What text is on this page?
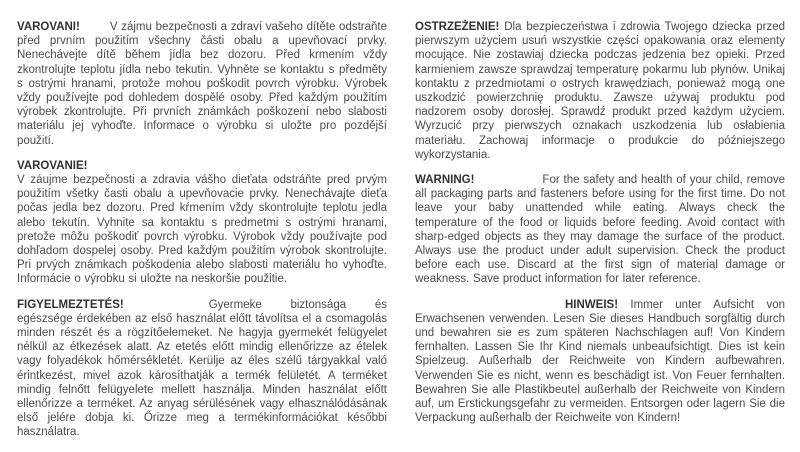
VAROVANI!	V zájmu bezpečnosti a zdraví vašeho dítěte odstraňte před prvním použitím všechny části obalu a upevňovací prvky. Nenechávejte dítě během jídla bez dozoru. Před krmením vždy zkontrolujte teplotu jídla nebo tekutin. Vyhněte se kontaktu s předměty s ostrými hranami, protože mohou poškodit povrch výrobku. Výrobek vždy používejte pod dohledem dospělé osoby. Před každým použitím výrobek zkontrolujte. Při prvních známkách poškození nebo slabosti materiálu jej vyhoďte. Informace o výrobku si uložte pro pozdější použití.

VAROVANIE!
V záujme bezpečnosti a zdravia vášho dieťata odstráňte pred prvým použitím všetky časti obalu a upevňovacie prvky. Nenechávajte dieťa počas jedla bez dozoru. Pred kŕmením vždy skontrolujte teplotu jedla alebo tekutín. Vyhnite sa kontaktu s predmetmi s ostrými hranami, pretože môžu poškodiť povrch výrobku. Výrobok vždy používajte pod dohľadom dospelej osoby. Pred každým použitím výrobok skontrolujte. Pri prvých známkach poškodenia alebo slabosti materiálu ho vyhoďte. Informácie o výrobku si uložte na neskoršie použitie.

FIGYELMEZTETÉS!	Gyermeke biztonsága és egészsége érdekében az első használat előtt távolítsa el a csomagolás minden részét és a rögzítőelemeket. Ne hagyja gyermekét felügyelet nélkül az étkezések alatt. Az etetés előtt mindig ellenőrizze az ételek vagy folyadékok hőmérsékletét. Kerülje az éles szélű tárgyakkal való érintkezést, mivel azok károsíthatják a termék felületét. A terméket mindig felnőtt felügyelete mellett használja. Minden használat előtt ellenőrizze a terméket. Az anyag sérülésének vagy elhasználódásának első jelére dobja ki. Őrizze meg a termékinformációkat későbbi használatra.

OSTRZEŻENIE! Dla bezpieczeństwa i zdrowia Twojego dziecka przed pierwszym użyciem usuń wszystkie części opakowania oraz elementy mocujące. Nie zostawiaj dziecka podczas jedzenia bez opieki. Przed karmieniem zawsze sprawdzaj temperaturę pokarmu lub płynów. Unikaj kontaktu z przedmiotami o ostrych krawędziach, ponieważ mogą one uszkodzić powierzchnię produktu. Zawsze używaj produktu pod nadzorem osoby dorosłej. Sprawdź produkt przed każdym użyciem. Wyrzucić przy pierwszych oznakach uszkodzenia lub osłabienia materiału. Zachowaj informacje o produkcie do późniejszego wykorzystania.

WARNING!	For the safety and health of your child, remove all packaging parts and fasteners before using for the first time. Do not leave your baby unattended while eating. Always check the temperature of the food or liquids before feeding. Avoid contact with sharp-edged objects as they may damage the surface of the product. Always use the product under adult supervision. Check the product before each use. Discard at the first sign of material damage or weakness. Save product information for later reference.

HINWEIS! Immer unter Aufsicht von Erwachsenen verwenden. Lesen Sie dieses Handbuch sorgfältig durch und bewahren sie es zum späteren Nachschlagen auf! Von Kindern fernhalten. Lassen Sie Ihr Kind niemals unbeaufsichtigt. Dies ist kein Spielzeug. Außerhalb der Reichweite von Kindern aufbewahren. Verwenden Sie es nicht, wenn es beschädigt ist. Von Feuer fernhalten. Bewahren Sie alle Plastikbeutel außerhalb der Reichweite von Kindern auf, um Erstickungsgefahr zu vermeiden. Entsorgen oder lagern Sie die Verpackung außerhalb der Reichweite von Kindern!
